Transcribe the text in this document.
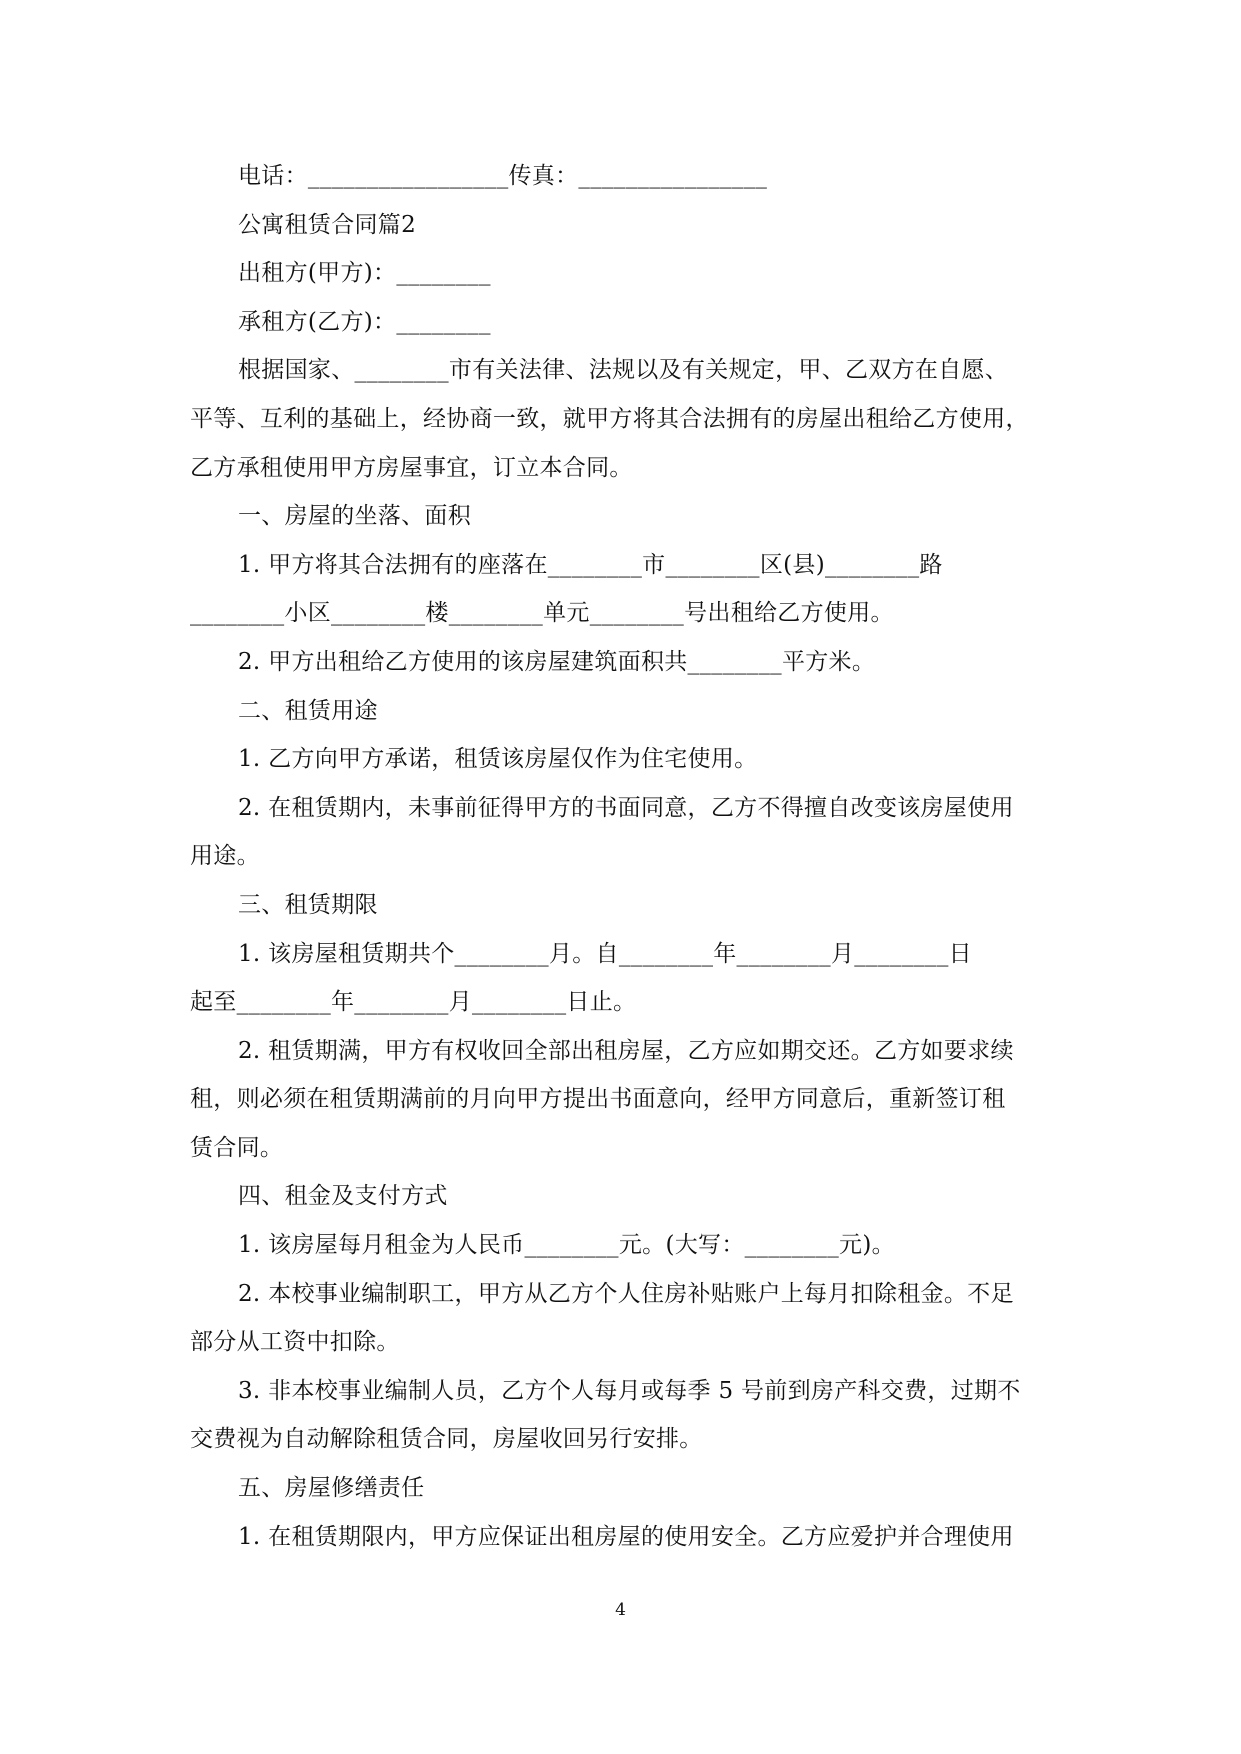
电话：_________________传真：________________
公寓租赁合同篇2
出租方(甲方)：________
承租方(乙方)：________
根据国家、________市有关法律、法规以及有关规定，甲、乙双方在自愿、
平等、互利的基础上，经协商一致，就甲方将其合法拥有的房屋出租给乙方使用，
乙方承租使用甲方房屋事宜，订立本合同。
一、房屋的坐落、面积
1. 甲方将其合法拥有的座落在________市________区(县)________路
________小区________楼________单元________号出租给乙方使用。
2. 甲方出租给乙方使用的该房屋建筑面积共________平方米。
二、租赁用途
1. 乙方向甲方承诺，租赁该房屋仅作为住宅使用。
2. 在租赁期内，未事前征得甲方的书面同意，乙方不得擅自改变该房屋使用
用途。
三、租赁期限
1. 该房屋租赁期共个________月。自________年________月________日
起至________年________月________日止。
2. 租赁期满，甲方有权收回全部出租房屋，乙方应如期交还。乙方如要求续
租，则必须在租赁期满前的月向甲方提出书面意向，经甲方同意后，重新签订租
赁合同。
四、租金及支付方式
1. 该房屋每月租金为人民币________元。(大写：________元)。
2. 本校事业编制职工，甲方从乙方个人住房补贴账户上每月扣除租金。不足
部分从工资中扣除。
3. 非本校事业编制人员，乙方个人每月或每季 5 号前到房产科交费，过期不
交费视为自动解除租赁合同，房屋收回另行安排。
五、房屋修缮责任
1. 在租赁期限内，甲方应保证出租房屋的使用安全。乙方应爱护并合理使用
4
